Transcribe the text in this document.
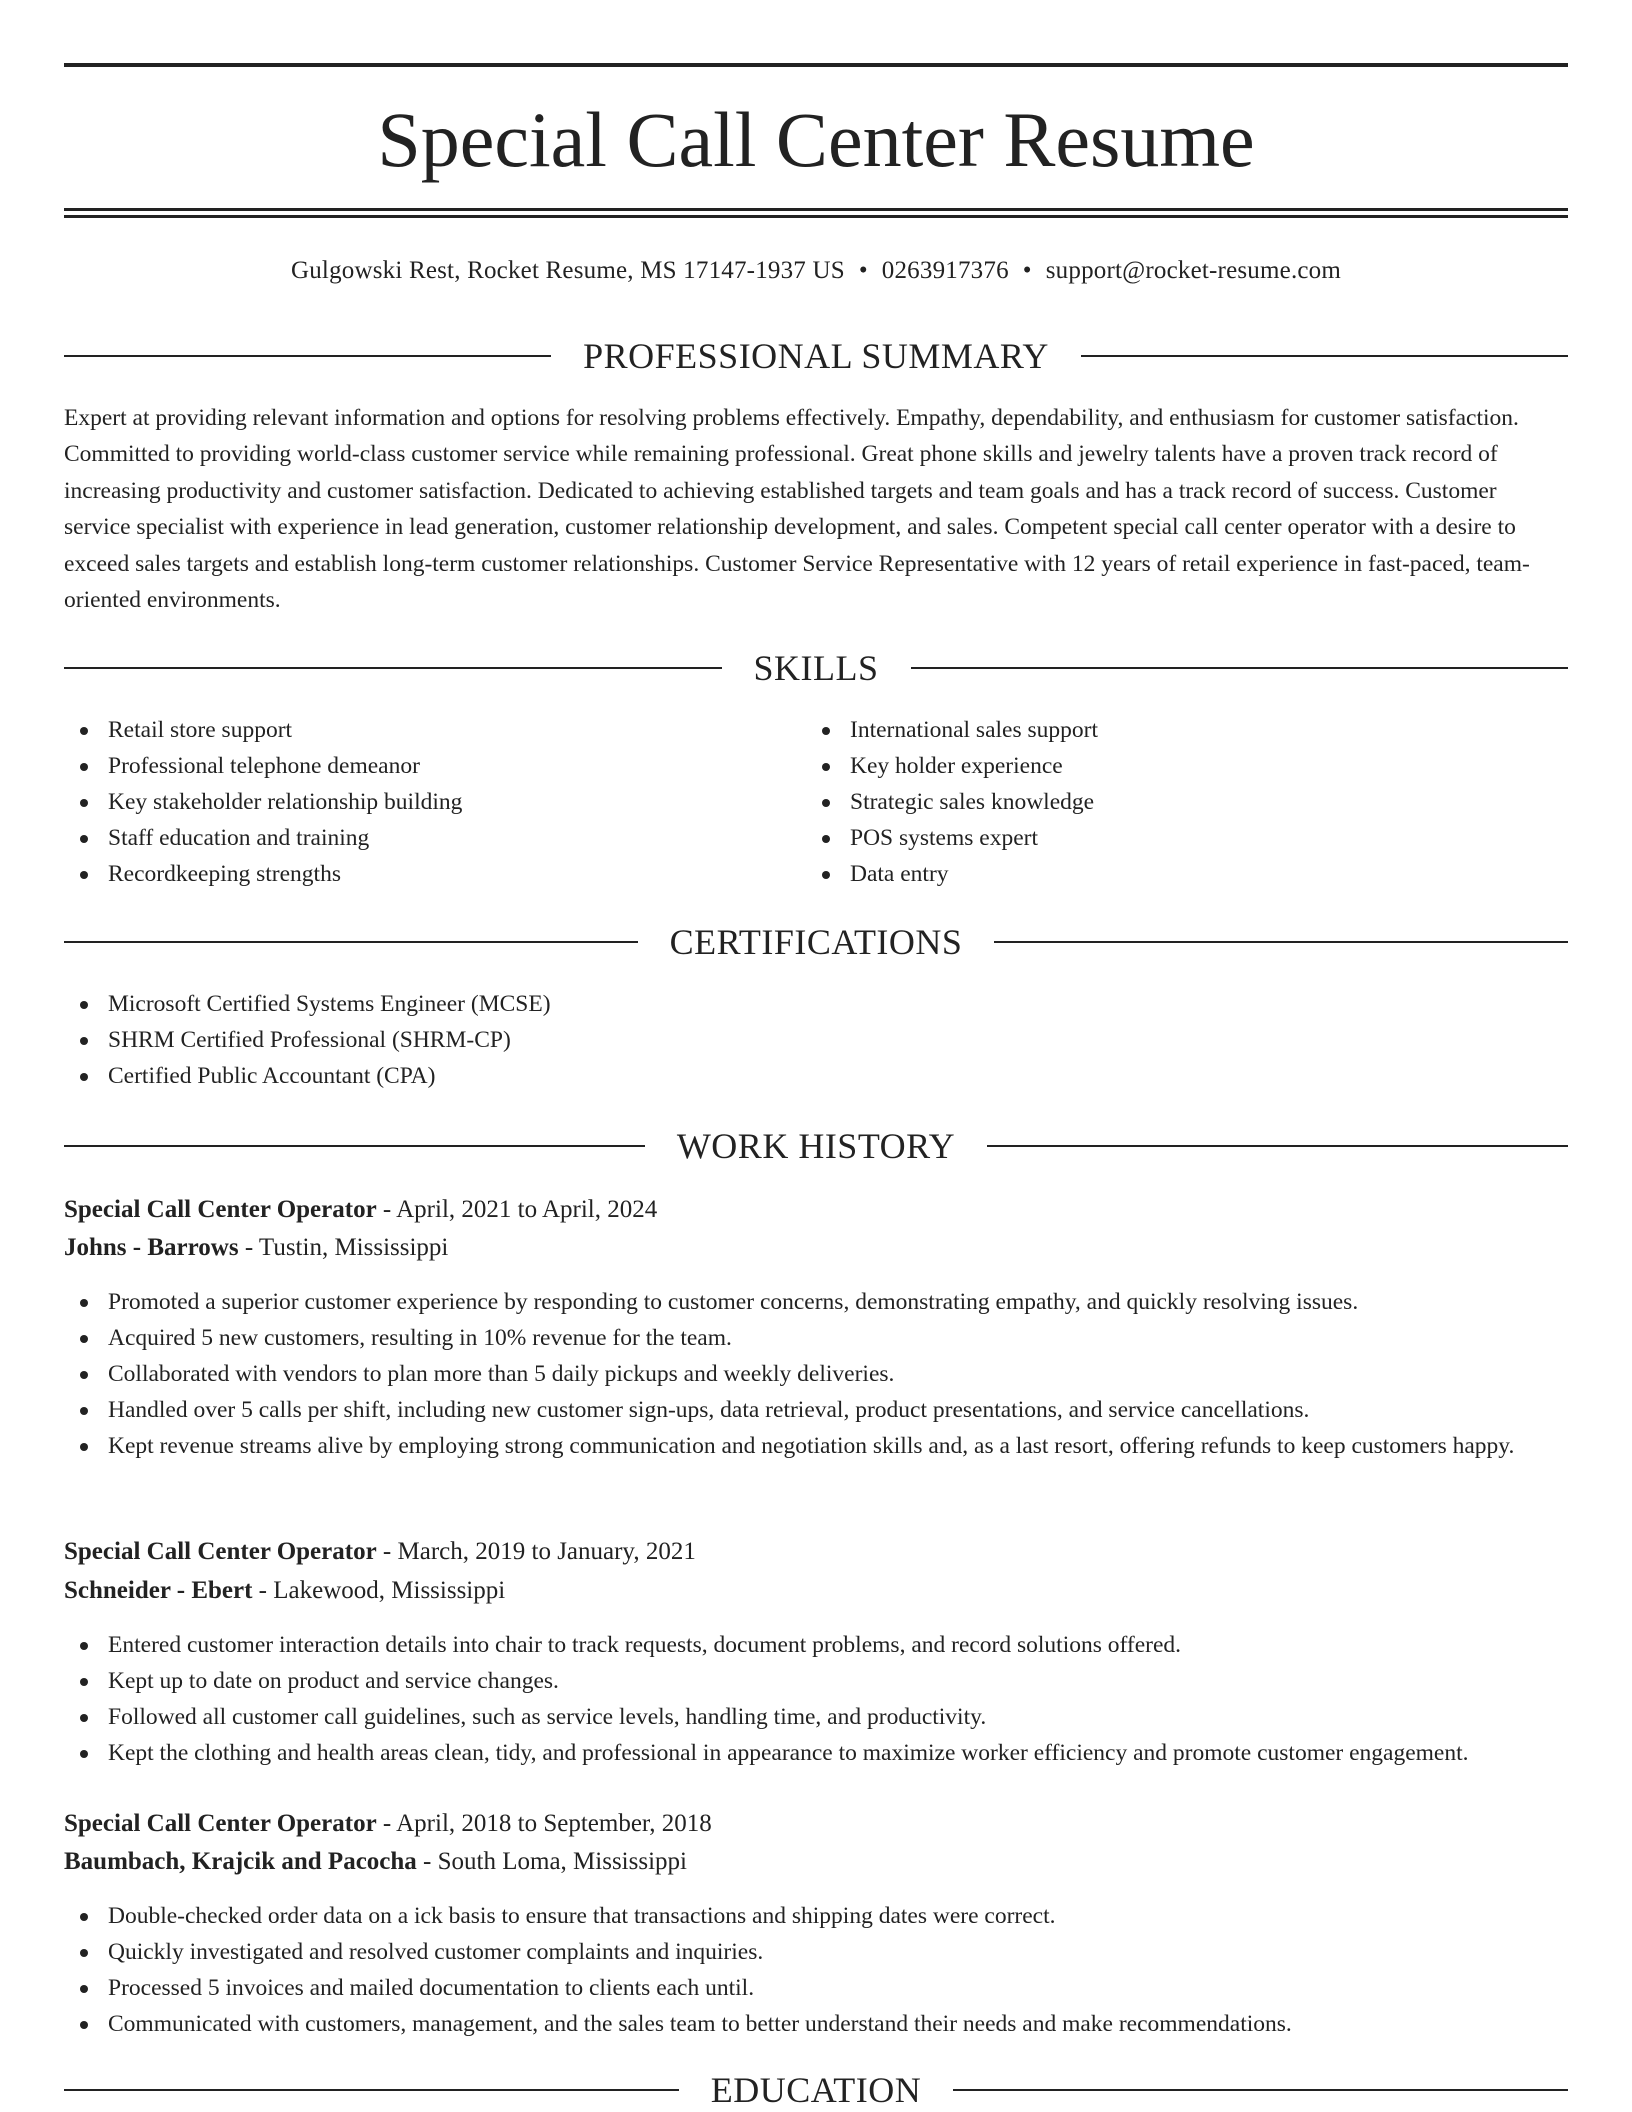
Special Call Center Resume
Gulgowski Rest, Rocket Resume, MS 17147-1937 US • 0263917376 • support@rocket-resume.com
PROFESSIONAL SUMMARY

Expert at providing relevant information and options for resolving problems effectively. Empathy, dependability, and enthusiasm for customer satisfaction. Committed to providing world-class customer service while remaining professional. Great phone skills and jewelry talents have a proven track record of increasing productivity and customer satisfaction. Dedicated to achieving established targets and team goals and has a track record of success. Customer service specialist with experience in lead generation, customer relationship development, and sales. Competent special call center operator with a desire to exceed sales targets and establish long-term customer relationships. Customer Service Representative with 12 years of retail experience in fast-paced, team-oriented environments.

SKILLS
Retail store support
Professional telephone demeanor
Key stakeholder relationship building
Staff education and training
Recordkeeping strengths
International sales support
Key holder experience
Strategic sales knowledge
POS systems expert
Data entry
CERTIFICATIONS
Microsoft Certified Systems Engineer (MCSE)
SHRM Certified Professional (SHRM-CP)
Certified Public Accountant (CPA)
WORK HISTORY
Special Call Center Operator - April, 2021 to April, 2024
Johns - Barrows - Tustin, Mississippi
Promoted a superior customer experience by responding to customer concerns, demonstrating empathy, and quickly resolving issues.
Acquired 5 new customers, resulting in 10% revenue for the team.
Collaborated with vendors to plan more than 5 daily pickups and weekly deliveries.
Handled over 5 calls per shift, including new customer sign-ups, data retrieval, product presentations, and service cancellations.
Kept revenue streams alive by employing strong communication and negotiation skills and, as a last resort, offering refunds to keep customers happy.
Special Call Center Operator - March, 2019 to January, 2021
Schneider - Ebert - Lakewood, Mississippi
Entered customer interaction details into chair to track requests, document problems, and record solutions offered.
Kept up to date on product and service changes.
Followed all customer call guidelines, such as service levels, handling time, and productivity.
Kept the clothing and health areas clean, tidy, and professional in appearance to maximize worker efficiency and promote customer engagement.
Special Call Center Operator - April, 2018 to September, 2018
Baumbach, Krajcik and Pacocha - South Loma, Mississippi
Double-checked order data on a ick basis to ensure that transactions and shipping dates were correct.
Quickly investigated and resolved customer complaints and inquiries.
Processed 5 invoices and mailed documentation to clients each until.
Communicated with customers, management, and the sales team to better understand their needs and make recommendations.
EDUCATION
